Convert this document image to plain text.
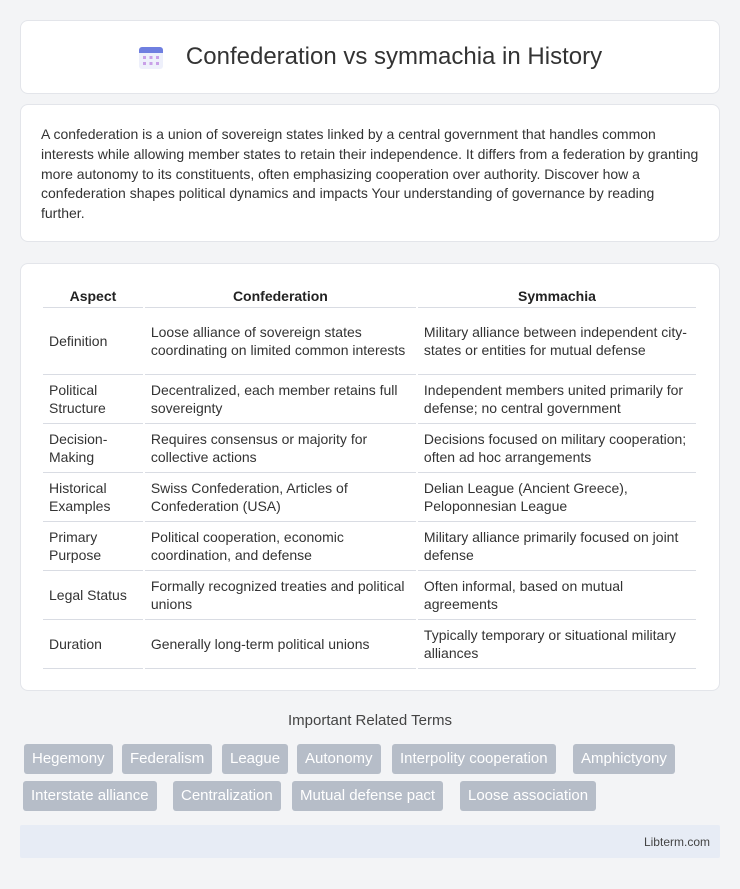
Confederation vs symmachia in History

A confederation is a union of sovereign states linked by a central government that handles common interests while allowing member states to retain their independence. It differs from a federation by granting more autonomy to its constituents, often emphasizing cooperation over authority. Discover how a confederation shapes political dynamics and impacts Your understanding of governance by reading further.

Aspect	Confederation	Symmachia
Definition	Loose alliance of sovereign states coordinating on limited common interests	Military alliance between independent city-states or entities for mutual defense
Political Structure	Decentralized, each member retains full sovereignty	Independent members united primarily for defense; no central government
Decision-Making	Requires consensus or majority for collective actions	Decisions focused on military cooperation; often ad hoc arrangements
Historical Examples	Swiss Confederation, Articles of Confederation (USA)	Delian League (Ancient Greece), Peloponnesian League
Primary Purpose	Political cooperation, economic coordination, and defense	Military alliance primarily focused on joint defense
Legal Status	Formally recognized treaties and political unions	Often informal, based on mutual agreements
Duration	Generally long-term political unions	Typically temporary or situational military alliances
Important Related Terms
Hegemony	Federalism	League	Autonomy	Interpolity cooperation	Amphictyony
Interstate alliance	Centralization	Mutual defense pact	Loose association
Libterm.com
